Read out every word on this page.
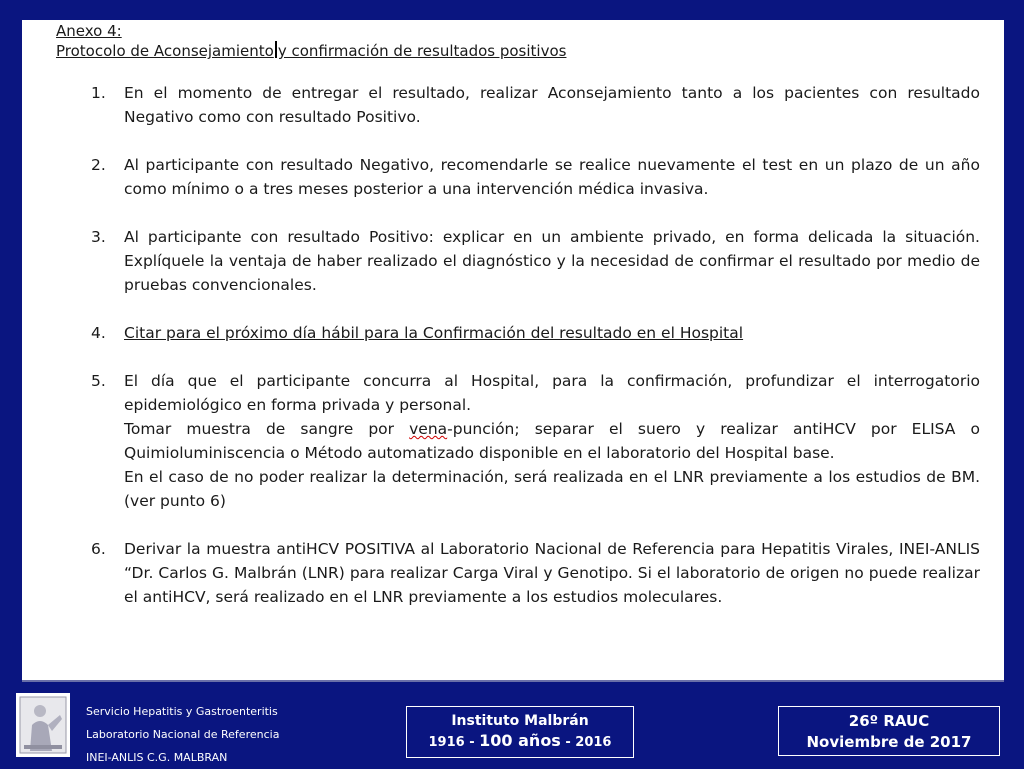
Anexo 4:

Protocolo de Aconsejamiento y confirmación de resultados positivos

1. En el momento de entregar el resultado, realizar Aconsejamiento tanto a los pacientes con resultado Negativo como con resultado Positivo.
2. Al participante con resultado Negativo, recomendarle se realice nuevamente el test en un plazo de un año como mínimo o a tres meses posterior a una intervención médica invasiva.
3. Al participante con resultado Positivo: explicar en un ambiente privado, en forma delicada la situación. Explíquele la ventaja de haber realizado el diagnóstico y la necesidad de confirmar el resultado por medio de pruebas convencionales.
4. Citar para el próximo día hábil para la Confirmación del resultado en el Hospital
5. El día que el participante concurra al Hospital, para la confirmación, profundizar el interrogatorio epidemiológico en forma privada y personal.
Tomar muestra de sangre por vena-punción; separar el suero y realizar antiHCV por ELISA o Quimioluminiscencia o Método automatizado disponible en el laboratorio del Hospital base.
En el caso de no poder realizar la determinación, será realizada en el LNR previamente a los estudios de BM.(ver punto 6)
6. Derivar la muestra antiHCV POSITIVA al Laboratorio Nacional de Referencia para Hepatitis Virales, INEI-ANLIS “Dr. Carlos G. Malbrán (LNR) para realizar Carga Viral y Genotipo. Si el laboratorio de origen no puede realizar el antiHCV, será realizado en el LNR previamente a los estudios moleculares.
Servicio Hepatitis y Gastroenteritis
Laboratorio Nacional de Referencia
INEI-ANLIS C.G. MALBRAN
Instituto Malbrán
1916 - 100 años - 2016
26º RAUC
Noviembre de 2017
